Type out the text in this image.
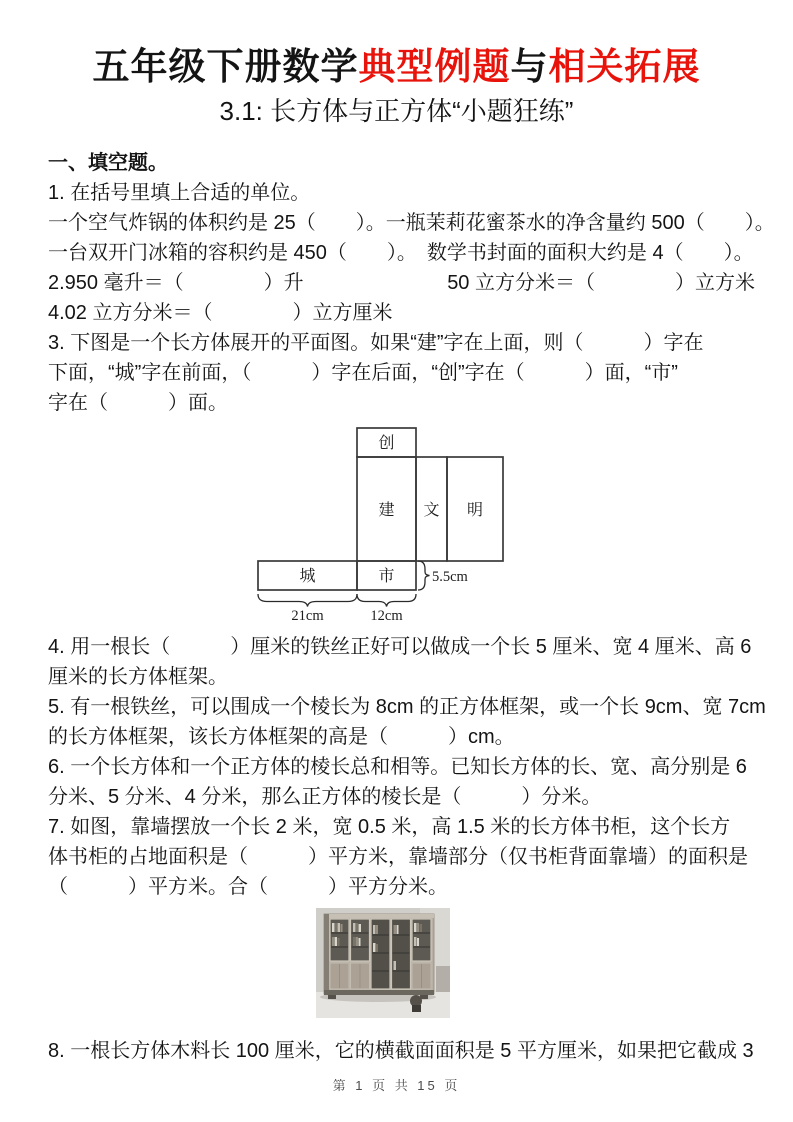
五年级下册数学典型例题与相关拓展
3.1: 长方体与正方体“小题狂练”

一、填空题。

1. 在括号里填上合适的单位。

一个空气炸锅的体积约是 25（　　）。一瓶茉莉花蜜茶水的净含量约 500（　　）。

一台双开门冰箱的容积约是 450（　　）。　数学书封面的面积大约是 4（　　）。

2.950 毫升＝（　　　　）升	50 立方分米＝（　　　　）立方米

4.02 立方分米＝（　　　　）立方厘米

3. 下图是一个长方体展开的平面图。如果“建”字在上面，则（　　　）字在

下面，“城”字在前面，（　　　）字在后面，“创”字在（　　　）面，“市”

字在（　　　）面。

创
建 文 明
城	市
21cm	12cm
5.5cm

4. 用一根长（　　　）厘米的铁丝正好可以做成一个长 5 厘米、宽 4 厘米、高 6

厘米的长方体框架。

5. 有一根铁丝，可以围成一个棱长为 8cm 的正方体框架，或一个长 9cm、宽 7cm

的长方体框架，该长方体框架的高是（　　　）cm。

6. 一个长方体和一个正方体的棱长总和相等。已知长方体的长、宽、高分别是 6

分米、5 分米、4 分米，那么正方体的棱长是（　　　）分米。

7. 如图，靠墙摆放一个长 2 米，宽 0.5 米，高 1.5 米的长方体书柜，这个长方

体书柜的占地面积是（　　　）平方米，靠墙部分（仅书柜背面靠墙）的面积是

（　　　）平方米。合（　　　）平方分米。

8. 一根长方体木料长 100 厘米，它的横截面面积是 5 平方厘米，如果把它截成 3

第 1 页 共 15 页
